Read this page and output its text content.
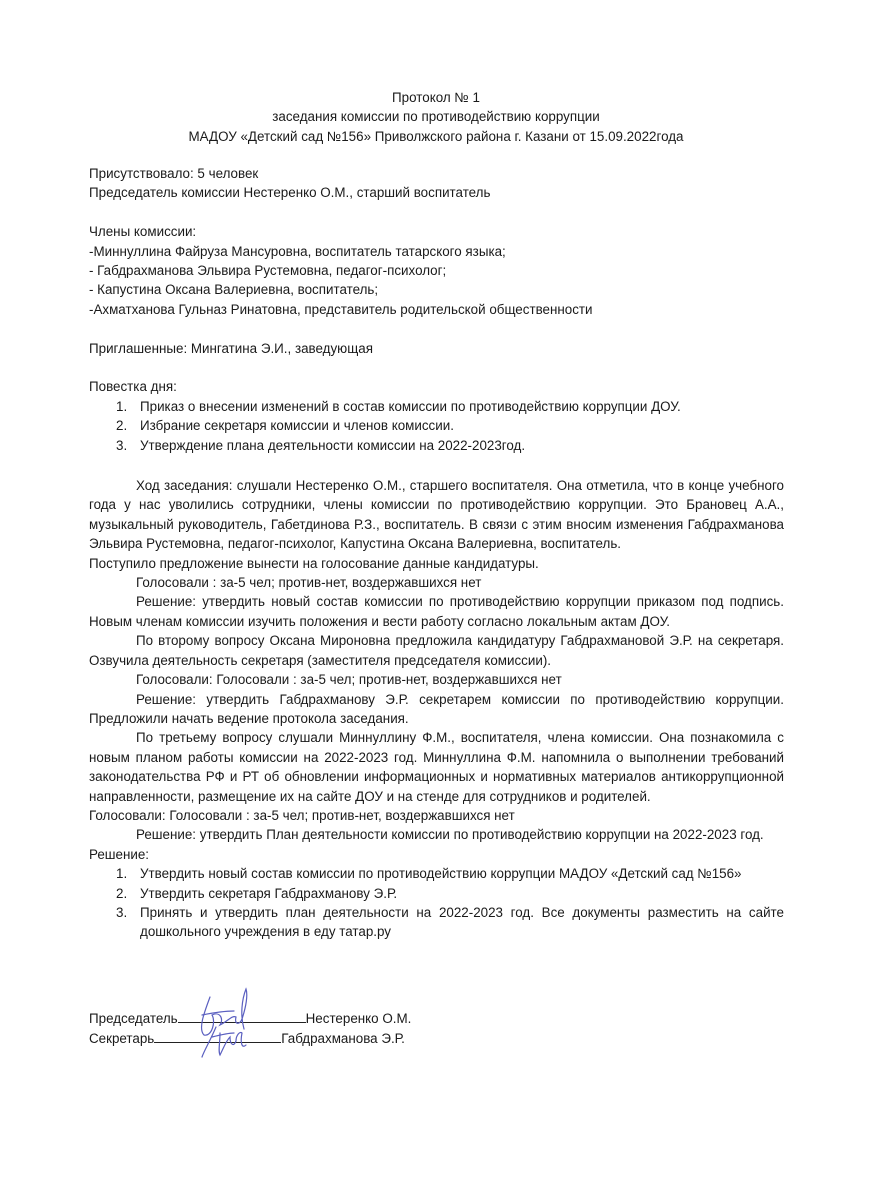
Протокол № 1
заседания комиссии по противодействию коррупции
МАДОУ «Детский сад №156» Приволжского района г. Казани от 15.09.2022года

Присутствовало: 5 человек

Председатель комиссии Нестеренко О.М., старший воспитатель

Члены комиссии:

-Миннуллина Файруза Мансуровна, воспитатель татарского языка;

- Габдрахманова Эльвира Рустемовна, педагог-психолог;

- Капустина Оксана Валериевна, воспитатель;

-Ахматханова Гульназ Ринатовна, представитель родительской общественности

Приглашенные: Мингатина Э.И., заведующая

Повестка дня:

1. Приказ о внесении изменений в состав комиссии по противодействию коррупции ДОУ.
2. Избрание секретаря комиссии и членов комиссии.
3. Утверждение плана деятельности комиссии на 2022-2023год.

Ход заседания: слушали Нестеренко О.М., старшего воспитателя. Она отметила, что в конце учебного года у нас уволились сотрудники, члены комиссии по противодействию коррупции. Это Брановец А.А., музыкальный руководитель, Габетдинова Р.З., воспитатель. В связи с этим вносим изменения Габдрахманова Эльвира Рустемовна, педагог-психолог, Капустина Оксана Валериевна, воспитатель.

Поступило предложение вынести на голосование данные кандидатуры.

Голосовали : за-5 чел; против-нет, воздержавшихся нет

Решение: утвердить новый состав комиссии по противодействию коррупции приказом под подпись. Новым членам комиссии изучить положения и вести работу согласно локальным актам ДОУ.

По второму вопросу Оксана Мироновна предложила кандидатуру Габдрахмановой Э.Р. на секретаря. Озвучила деятельность секретаря (заместителя председателя комиссии).

Голосовали: Голосовали : за-5 чел; против-нет, воздержавшихся нет

Решение: утвердить Габдрахманову Э.Р. секретарем комиссии по противодействию коррупции. Предложили начать ведение протокола заседания.

По третьему вопросу слушали Миннуллину Ф.М., воспитателя, члена комиссии. Она познакомила с новым планом работы комиссии на 2022-2023 год. Миннуллина Ф.М. напомнила о выполнении требований законодательства РФ и РТ об обновлении информационных и нормативных материалов антикоррупционной направленности, размещение их на сайте ДОУ и на стенде для сотрудников и родителей.

Голосовали: Голосовали : за-5 чел; против-нет, воздержавшихся нет

Решение: утвердить План деятельности комиссии по противодействию коррупции на 2022-2023 год.

Решение:

1. Утвердить новый состав комиссии по противодействию коррупции МАДОУ «Детский сад №156»
2. Утвердить секретаря Габдрахманову Э.Р.
3. Принять и утвердить план деятельности на 2022-2023 год. Все документы разместить на сайте дошкольного учреждения в еду татар.ру
Председатель	Нестеренко О.М.
Секретарь	Габдрахманова Э.Р.
